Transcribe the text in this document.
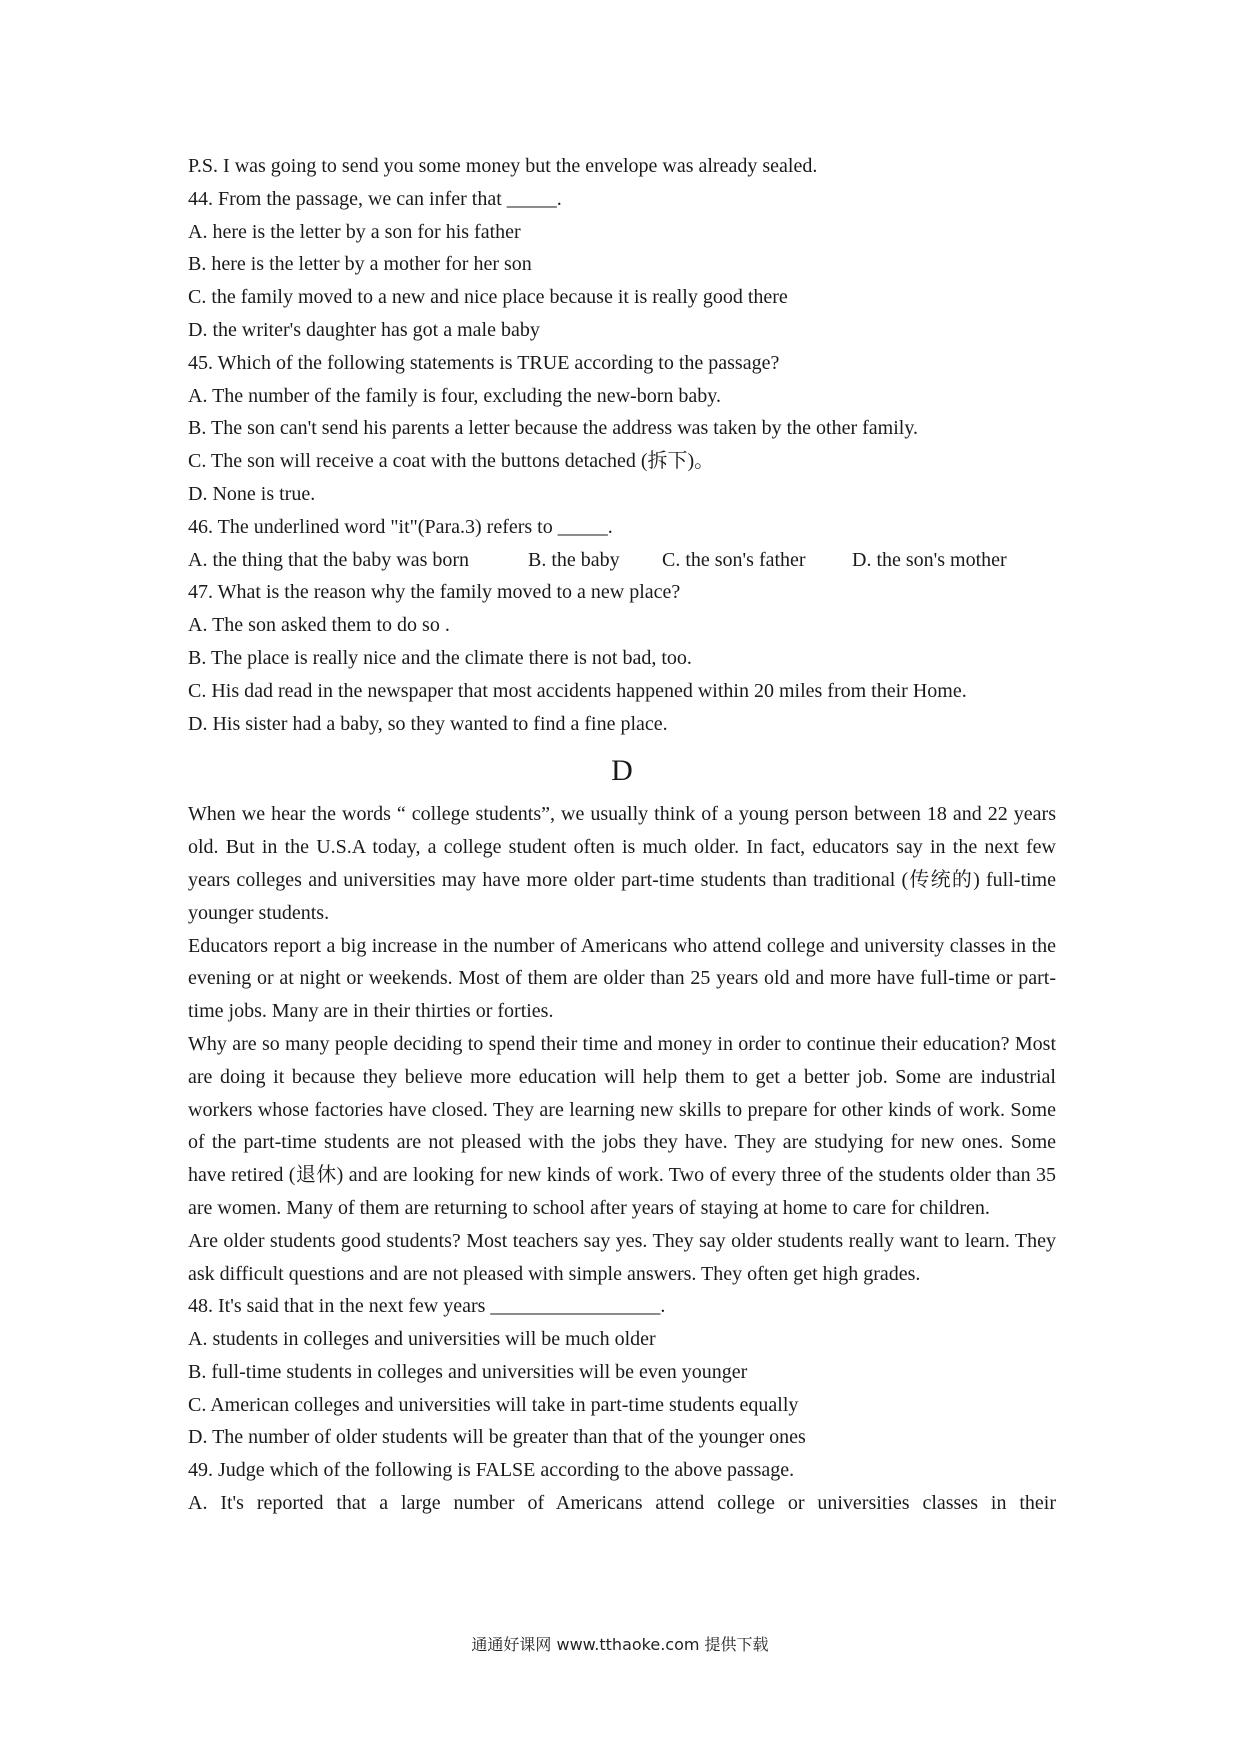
P.S. I was going to send you some money but the envelope was already sealed.
44. From the passage, we can infer that _____.
A. here is the letter by a son for his father
B. here is the letter by a mother for her son
C. the family moved to a new and nice place because it is really good there
D. the writer's daughter has got a male baby
45. Which of the following statements is TRUE according to the passage?
A. The number of the family is four, excluding the new-born baby.
B. The son can't send his parents a letter because the address was taken by the other family.
C. The son will receive a coat with the buttons detached (拆下)。
D. None is true.
46. The underlined word "it"(Para.3) refers to _____.
A. the thing that the baby was born	B. the baby	C. the son's father	D. the son's mother
47. What is the reason why the family moved to a new place?
A. The son asked them to do so .
B. The place is really nice and the climate there is not bad, too.
C. His dad read in the newspaper that most accidents happened within 20 miles from their Home.
D. His sister had a baby, so they wanted to find a fine place.
D

When we hear the words “ college students”, we usually think of a young person between 18 and 22 years old. But in the U.S.A today, a college student often is much older. In fact, educators say in the next few years colleges and universities may have more older part-time students than traditional (传统的) full-time younger students.

Educators report a big increase in the number of Americans who attend college and university classes in the evening or at night or weekends. Most of them are older than 25 years old and more have full-time or part-time jobs. Many are in their thirties or forties.

Why are so many people deciding to spend their time and money in order to continue their education? Most are doing it because they believe more education will help them to get a better job. Some are industrial workers whose factories have closed. They are learning new skills to prepare for other kinds of work. Some of the part-time students are not pleased with the jobs they have. They are studying for new ones. Some have retired (退休) and are looking for new kinds of work. Two of every three of the students older than 35 are women. Many of them are returning to school after years of staying at home to care for children.

Are older students good students? Most teachers say yes. They say older students really want to learn. They ask difficult questions and are not pleased with simple answers. They often get high grades.

48. It's said that in the next few years _________________.
A. students in colleges and universities will be much older
B. full-time students in colleges and universities will be even younger
C. American colleges and universities will take in part-time students equally
D. The number of older students will be greater than that of the younger ones
49. Judge which of the following is FALSE according to the above passage.
A. It's reported that a large number of Americans attend college or universities classes in their
通通好课网 www.tthaoke.com 提供下载
